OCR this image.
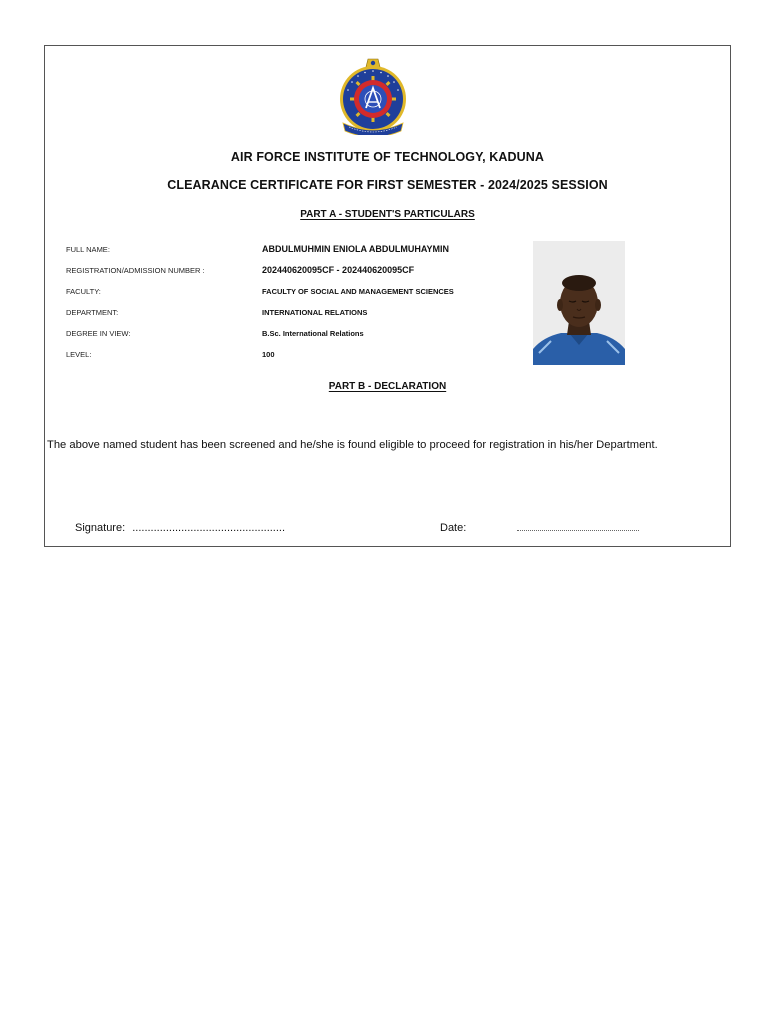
AIR FORCE INSTITUTE OF TECHNOLOGY, KADUNA
CLEARANCE CERTIFICATE FOR FIRST SEMESTER - 2024/2025 SESSION
PART A - STUDENT'S PARTICULARS
FULL NAME:	ABDULMUHMIN ENIOLA ABDULMUHAYMIN
REGISTRATION/ADMISSION NUMBER :	202440620095CF - 202440620095CF
FACULTY:	FACULTY OF SOCIAL AND MANAGEMENT SCIENCES
DEPARTMENT:	INTERNATIONAL RELATIONS
DEGREE IN VIEW:	B.Sc. International Relations
LEVEL:	100
PART B - DECLARATION
The above named student has been screened and he/she is found eligible to proceed for registration in his/her Department.
Signature: ..................................................	Date:
